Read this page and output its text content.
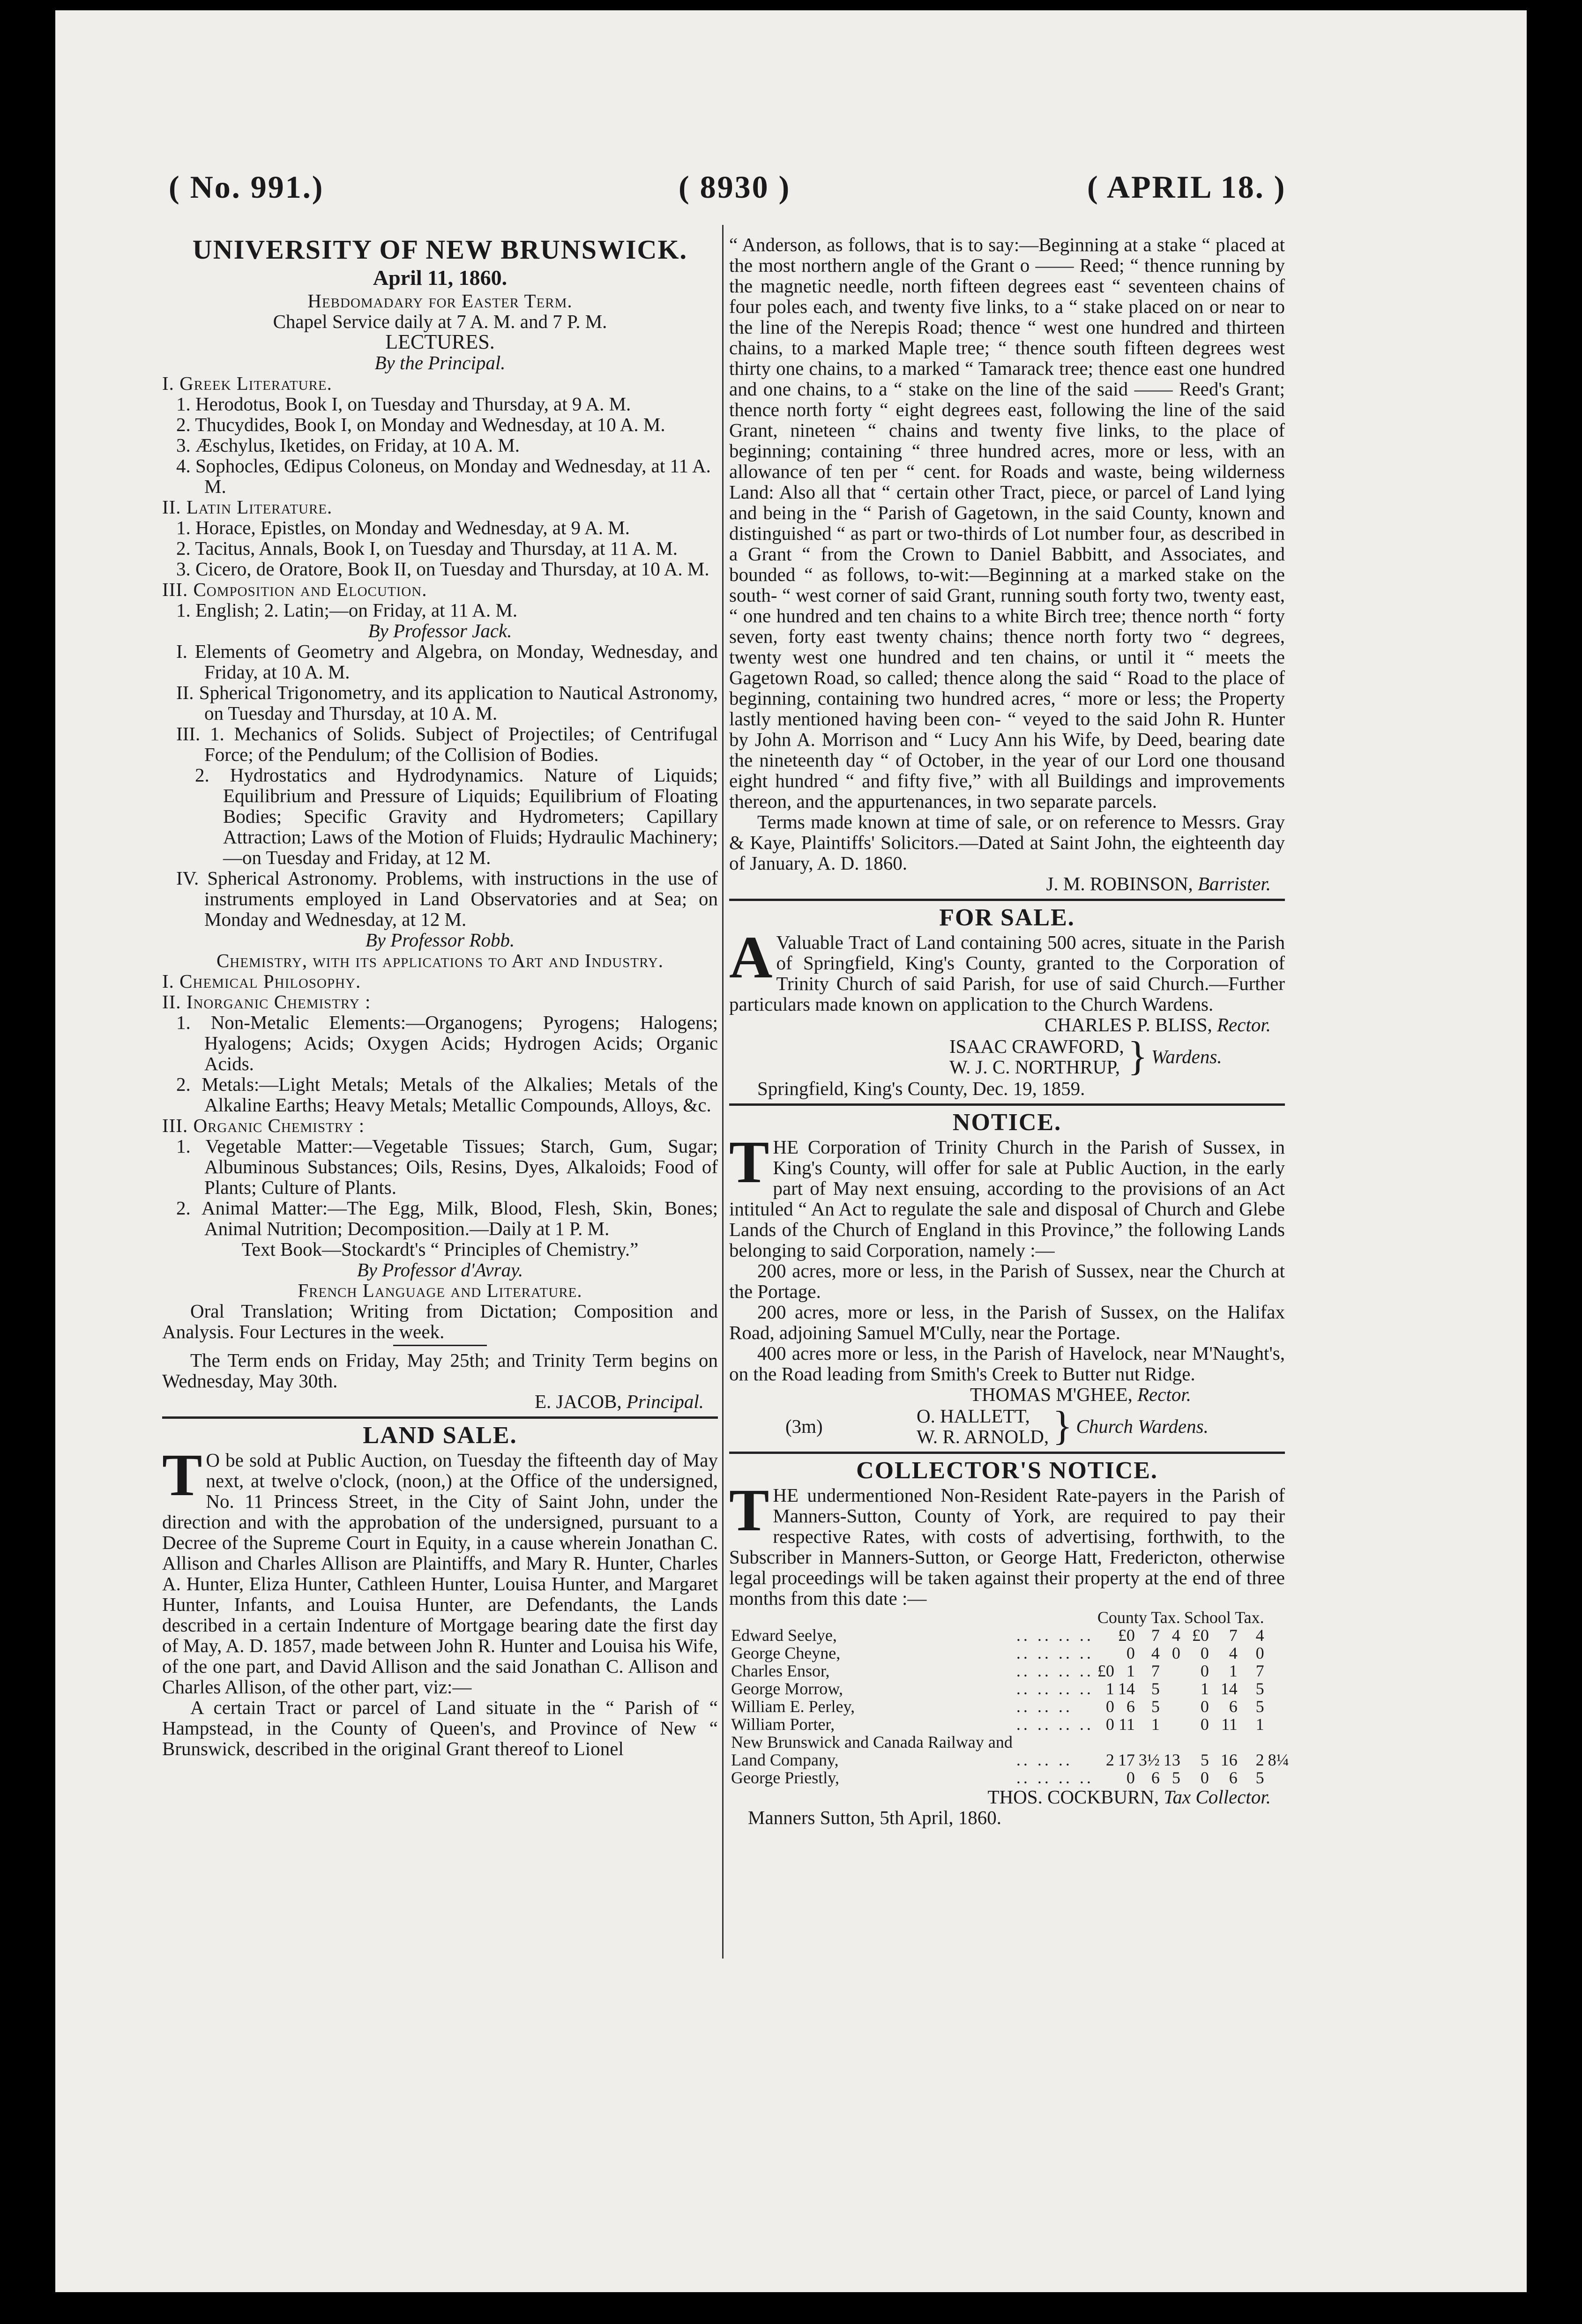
( No. 991.)	( 8930 )	( APRIL 18. )
UNIVERSITY OF NEW BRUNSWICK.
April 11, 1860.
Hebdomadary for Easter Term.
Chapel Service daily at 7 A. M. and 7 P. M.
LECTURES.
By the Principal.
I. Greek Literature.
1. Herodotus, Book I, on Tuesday and Thursday, at 9 A. M.
2. Thucydides, Book I, on Monday and Wednesday, at 10 A. M.
3. Æschylus, Iketides, on Friday, at 10 A. M.
4. Sophocles, Œdipus Coloneus, on Monday and Wednesday, at 11 A. M.
II. Latin Literature.
1. Horace, Epistles, on Monday and Wednesday, at 9 A. M.
2. Tacitus, Annals, Book I, on Tuesday and Thursday, at 11 A. M.
3. Cicero, de Oratore, Book II, on Tuesday and Thursday, at 10 A. M.
III. Composition and Elocution.
1. English; 2. Latin;—on Friday, at 11 A. M.
By Professor Jack.
I. Elements of Geometry and Algebra, on Monday, Wednesday, and Friday, at 10 A. M.
II. Spherical Trigonometry, and its application to Nautical Astronomy, on Tuesday and Thursday, at 10 A. M.
III. 1. Mechanics of Solids. Subject of Projectiles; of Centrifugal Force; of the Pendulum; of the Collision of Bodies.
2. Hydrostatics and Hydrodynamics. Nature of Liquids; Equilibrium and Pressure of Liquids; Equilibrium of Floating Bodies; Specific Gravity and Hydrometers; Capillary Attraction; Laws of the Motion of Fluids; Hydraulic Machinery;—on Tuesday and Friday, at 12 M.
IV. Spherical Astronomy. Problems, with instructions in the use of instruments employed in Land Observatories and at Sea; on Monday and Wednesday, at 12 M.
By Professor Robb.
Chemistry, with its applications to Art and Industry.
I. Chemical Philosophy.
II. Inorganic Chemistry :
1. Non-Metalic Elements:—Organogens; Pyrogens; Halogens; Hyalogens; Acids; Oxygen Acids; Hydrogen Acids; Organic Acids.
2. Metals:—Light Metals; Metals of the Alkalies; Metals of the Alkaline Earths; Heavy Metals; Metallic Compounds, Alloys, &c.
III. Organic Chemistry :
1. Vegetable Matter:—Vegetable Tissues; Starch, Gum, Sugar; Albuminous Substances; Oils, Resins, Dyes, Alkaloids; Food of Plants; Culture of Plants.
2. Animal Matter:—The Egg, Milk, Blood, Flesh, Skin, Bones; Animal Nutrition; Decomposition.—Daily at 1 P. M.
Text Book—Stockardt's “ Principles of Chemistry.”
By Professor d'Avray.
French Language and Literature.

Oral Translation; Writing from Dictation; Composition and Analysis. Four Lectures in the week.

The Term ends on Friday, May 25th; and Trinity Term begins on Wednesday, May 30th.

E. JACOB, Principal.
LAND SALE.

T O be sold at Public Auction, on Tuesday the fifteenth day of May next, at twelve o'clock, (noon,) at the Office of the undersigned, No. 11 Princess Street, in the City of Saint John, under the direction and with the approbation of the undersigned, pursuant to a Decree of the Supreme Court in Equity, in a cause wherein Jonathan C. Allison and Charles Allison are Plaintiffs, and Mary R. Hunter, Charles A. Hunter, Eliza Hunter, Cathleen Hunter, Louisa Hunter, and Margaret Hunter, Infants, and Louisa Hunter, are Defendants, the Lands described in a certain Indenture of Mortgage bearing date the first day of May, A. D. 1857, made between John R. Hunter and Louisa his Wife, of the one part, and David Allison and the said Jonathan C. Allison and Charles Allison, of the other part, viz:—

A certain Tract or parcel of Land situate in the “ Parish of “ Hampstead, in the County of Queen's, and Province of New “ Brunswick, described in the original Grant thereof to Lionel

“ Anderson, as follows, that is to say:—Beginning at a stake “ placed at the most northern angle of the Grant o —— Reed; “ thence running by the magnetic needle, north fifteen degrees east “ seventeen chains of four poles each, and twenty five links, to a “ stake placed on or near to the line of the Nerepis Road; thence “ west one hundred and thirteen chains, to a marked Maple tree; “ thence south fifteen degrees west thirty one chains, to a marked “ Tamarack tree; thence east one hundred and one chains, to a “ stake on the line of the said —— Reed's Grant; thence north forty “ eight degrees east, following the line of the said Grant, nineteen “ chains and twenty five links, to the place of beginning; containing “ three hundred acres, more or less, with an allowance of ten per “ cent. for Roads and waste, being wilderness Land: Also all that “ certain other Tract, piece, or parcel of Land lying and being in the “ Parish of Gagetown, in the said County, known and distinguished “ as part or two-thirds of Lot number four, as described in a Grant “ from the Crown to Daniel Babbitt, and Associates, and bounded “ as follows, to-wit:—Beginning at a marked stake on the south- “ west corner of said Grant, running south forty two, twenty east, “ one hundred and ten chains to a white Birch tree; thence north “ forty seven, forty east twenty chains; thence north forty two “ degrees, twenty west one hundred and ten chains, or until it “ meets the Gagetown Road, so called; thence along the said “ Road to the place of beginning, containing two hundred acres, “ more or less; the Property lastly mentioned having been con- “ veyed to the said John R. Hunter by John A. Morrison and “ Lucy Ann his Wife, by Deed, bearing date the nineteenth day “ of October, in the year of our Lord one thousand eight hundred “ and fifty five,” with all Buildings and improvements thereon, and the appurtenances, in two separate parcels.

Terms made known at time of sale, or on reference to Messrs. Gray & Kaye, Plaintiffs' Solicitors.—Dated at Saint John, the eighteenth day of January, A. D. 1860.

J. M. ROBINSON, Barrister.
FOR SALE.

A Valuable Tract of Land containing 500 acres, situate in the Parish of Springfield, King's County, granted to the Corporation of Trinity Church of said Parish, for use of said Church.—Further particulars made known on application to the Church Wardens.

CHARLES P. BLISS, Rector.
ISAAC CRAWFORD,
W. J. C. NORTHRUP, } Wardens.
Springfield, King's County, Dec. 19, 1859.
NOTICE.

THE Corporation of Trinity Church in the Parish of Sussex, in King's County, will offer for sale at Public Auction, in the early part of May next ensuing, according to the provisions of an Act intituled “ An Act to regulate the sale and disposal of Church and Glebe Lands of the Church of England in this Province,” the following Lands belonging to said Corporation, namely :—

200 acres, more or less, in the Parish of Sussex, near the Church at the Portage.

200 acres, more or less, in the Parish of Sussex, on the Halifax Road, adjoining Samuel M'Cully, near the Portage.

400 acres more or less, in the Parish of Havelock, near M'Naught's, on the Road leading from Smith's Creek to Butter nut Ridge.

THOMAS M'GHEE, Rector.
(3m)	O. HALLETT,
W. R. ARNOLD, } Church Wardens.
COLLECTOR'S NOTICE.

THE undermentioned Non-Resident Rate-payers in the Parish of Manners-Sutton, County of York, are required to pay their respective Rates, with costs of advertising, forthwith, to the Subscriber in Manners-Sutton, or George Hatt, Fredericton, otherwise legal proceedings will be taken against their property at the end of three months from this date :—

		County Tax.				School Tax.			
Edward Seelye,	.. .. .. ..		£0	7	4	£0	7	4	
George Cheyne,	.. .. .. ..		0	4	0	0	4	0	
Charles Ensor,	.. .. .. ..	£0	1	7		0	1	7	
George Morrow,	.. .. .. ..	1	14	5		1	14	5	
William E. Perley,	.. .. ..	0	6	5		0	6	5	
William Porter,	.. .. .. ..	0	11	1		0	11	1	
New Brunswick and Canada Railway and									
Land Company,	.. .. ..	2	17	3½	13	5	16	2	8¼
George Priestly,	.. .. .. ..		0	6	5	0	6	5	
THOS. COCKBURN, Tax Collector.
Manners Sutton, 5th April, 1860.
